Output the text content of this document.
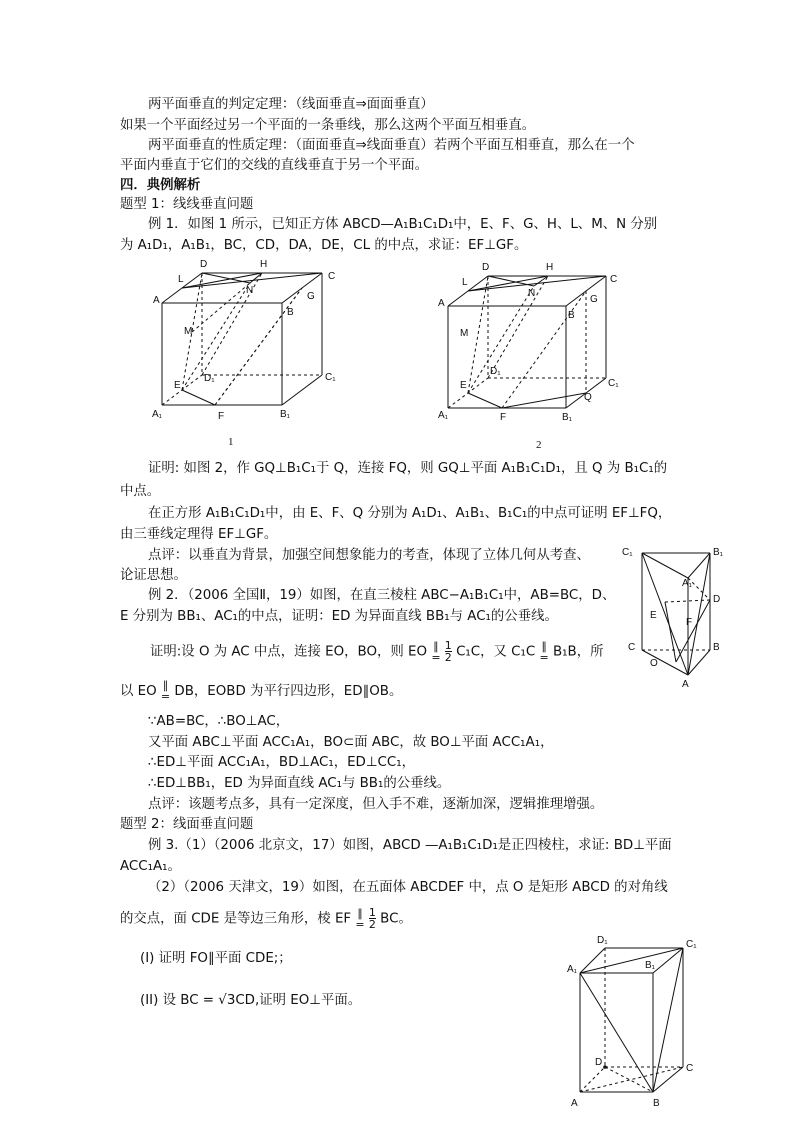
两平面垂直的判定定理：（线面垂直⇒面面垂直）
如果一个平面经过另一个平面的一条垂线，那么这两个平面互相垂直。
两平面垂直的性质定理：（面面垂直⇒线面垂直）若两个平面互相垂直，那么在一个
平面内垂直于它们的交线的直线垂直于另一个平面。
四．典例解析
题型 1：线线垂直问题
例 1．如图 1 所示，已知正方体 ABCD—A₁B₁C₁D₁中，E、F、G、H、L、M、N 分别
为 A₁D₁，A₁B₁，BC，CD，DA，DE，CL 的中点，求证：EF⊥GF。
证明: 如图 2，作 GQ⊥B₁C₁于 Q，连接 FQ，则 GQ⊥平面 A₁B₁C₁D₁，且 Q 为 B₁C₁的
中点。
在正方形 A₁B₁C₁D₁中，由 E、F、Q 分别为 A₁D₁、A₁B₁、B₁C₁的中点可证明 EF⊥FQ，
由三垂线定理得 EF⊥GF。
点评：以垂直为背景，加强空间想象能力的考查，体现了立体几何从考查、
论证思想。
例 2．（2006 全国Ⅱ，19）如图，在直三棱柱 ABC−A₁B₁C₁中，AB=BC，D、
E 分别为 BB₁、AC₁的中点，证明：ED 为异面直线 BB₁与 AC₁的公垂线。
证明:设 O 为 AC 中点，连接 EO，BO，则 EO ∥
=
$\frac{1}{2} C_1C$，又 C₁C ∥
= B₁B，所
以 EO ∥
= DB，EOBD 为平行四边形，ED∥OB。
∵AB=BC，∴BO⊥AC，
又平面 ABC⊥平面 ACC₁A₁，BO⊂面 ABC，故 BO⊥平面 ACC₁A₁，
∴ED⊥平面 ACC₁A₁，BD⊥AC₁，ED⊥CC₁，
∴ED⊥BB₁，ED 为异面直线 AC₁与 BB₁的公垂线。
点评：该题考点多，具有一定深度，但入手不难，逐渐加深，逻辑推理增强。
题型 2：线面垂直问题
例 3.（1）（2006 北京文，17）如图，ABCD —A₁B₁C₁D₁是正四棱柱，求证: BD⊥平面
ACC₁A₁。
（2）（2006 天津文，19）如图，在五面体 ABCDEF 中，点 O 是矩形 ABCD 的对角线
的交点，面 CDE 是等边三角形，棱 EF ∥
=
$\frac{1}{2}$ BC。
(I) 证明 FO∥平面 CDE;；
(II) 设 BC = √3CD,证明 EO⊥平面。
D	H
C
L
N
A	G
B
M
E
D₁	C₁
A₁	F	B₁
1
D	H
C
L
N
A	G
B
M
E
D₁
C₁
A₁	F	B₁
Q
2
C₁	B₁
A₁
D
E
F
C	B
O
A
D₁	C₁
A₁	B₁
D
C
A	B
